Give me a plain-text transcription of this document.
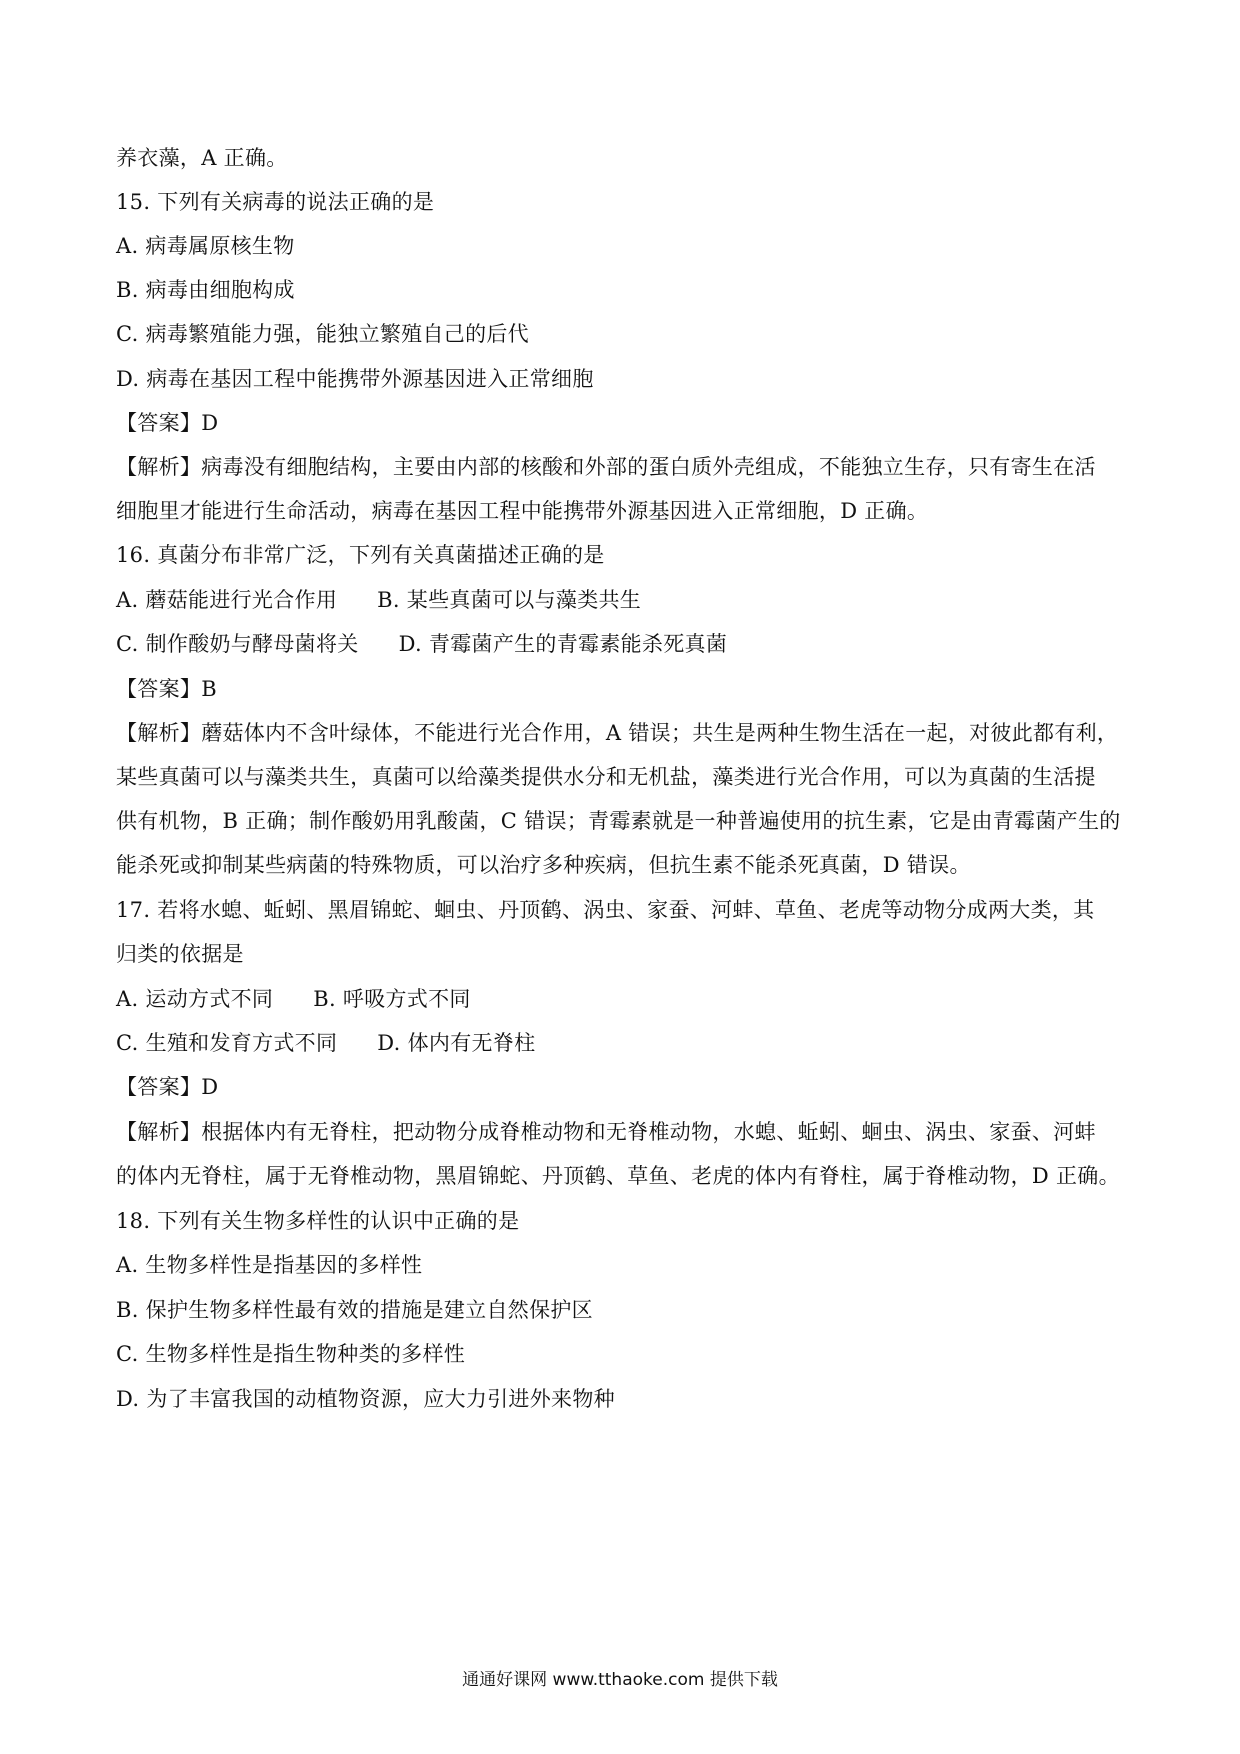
养衣藻，A 正确。
15. 下列有关病毒的说法正确的是
A. 病毒属原核生物
B. 病毒由细胞构成
C. 病毒繁殖能力强，能独立繁殖自己的后代
D. 病毒在基因工程中能携带外源基因进入正常细胞
【答案】D
【解析】病毒没有细胞结构，主要由内部的核酸和外部的蛋白质外壳组成，不能独立生存，只有寄生在活
细胞里才能进行生命活动，病毒在基因工程中能携带外源基因进入正常细胞，D 正确。
16. 真菌分布非常广泛，下列有关真菌描述正确的是
A. 蘑菇能进行光合作用 B. 某些真菌可以与藻类共生
C. 制作酸奶与酵母菌将关 D. 青霉菌产生的青霉素能杀死真菌
【答案】B
【解析】蘑菇体内不含叶绿体，不能进行光合作用，A 错误；共生是两种生物生活在一起，对彼此都有利，
某些真菌可以与藻类共生，真菌可以给藻类提供水分和无机盐，藻类进行光合作用，可以为真菌的生活提
供有机物，B 正确；制作酸奶用乳酸菌，C 错误；青霉素就是一种普遍使用的抗生素，它是由青霉菌产生的
能杀死或抑制某些病菌的特殊物质，可以治疗多种疾病，但抗生素不能杀死真菌，D 错误。
17. 若将水螅、蚯蚓、黑眉锦蛇、蛔虫、丹顶鹤、涡虫、家蚕、河蚌、草鱼、老虎等动物分成两大类，其
归类的依据是
A. 运动方式不同 B. 呼吸方式不同
C. 生殖和发育方式不同 D. 体内有无脊柱
【答案】D
【解析】根据体内有无脊柱，把动物分成脊椎动物和无脊椎动物，水螅、蚯蚓、蛔虫、涡虫、家蚕、河蚌
的体内无脊柱，属于无脊椎动物，黑眉锦蛇、丹顶鹤、草鱼、老虎的体内有脊柱，属于脊椎动物，D 正确。
18. 下列有关生物多样性的认识中正确的是
A. 生物多样性是指基因的多样性
B. 保护生物多样性最有效的措施是建立自然保护区
C. 生物多样性是指生物种类的多样性
D. 为了丰富我国的动植物资源，应大力引进外来物种
通通好课网 www.tthaoke.com 提供下载
